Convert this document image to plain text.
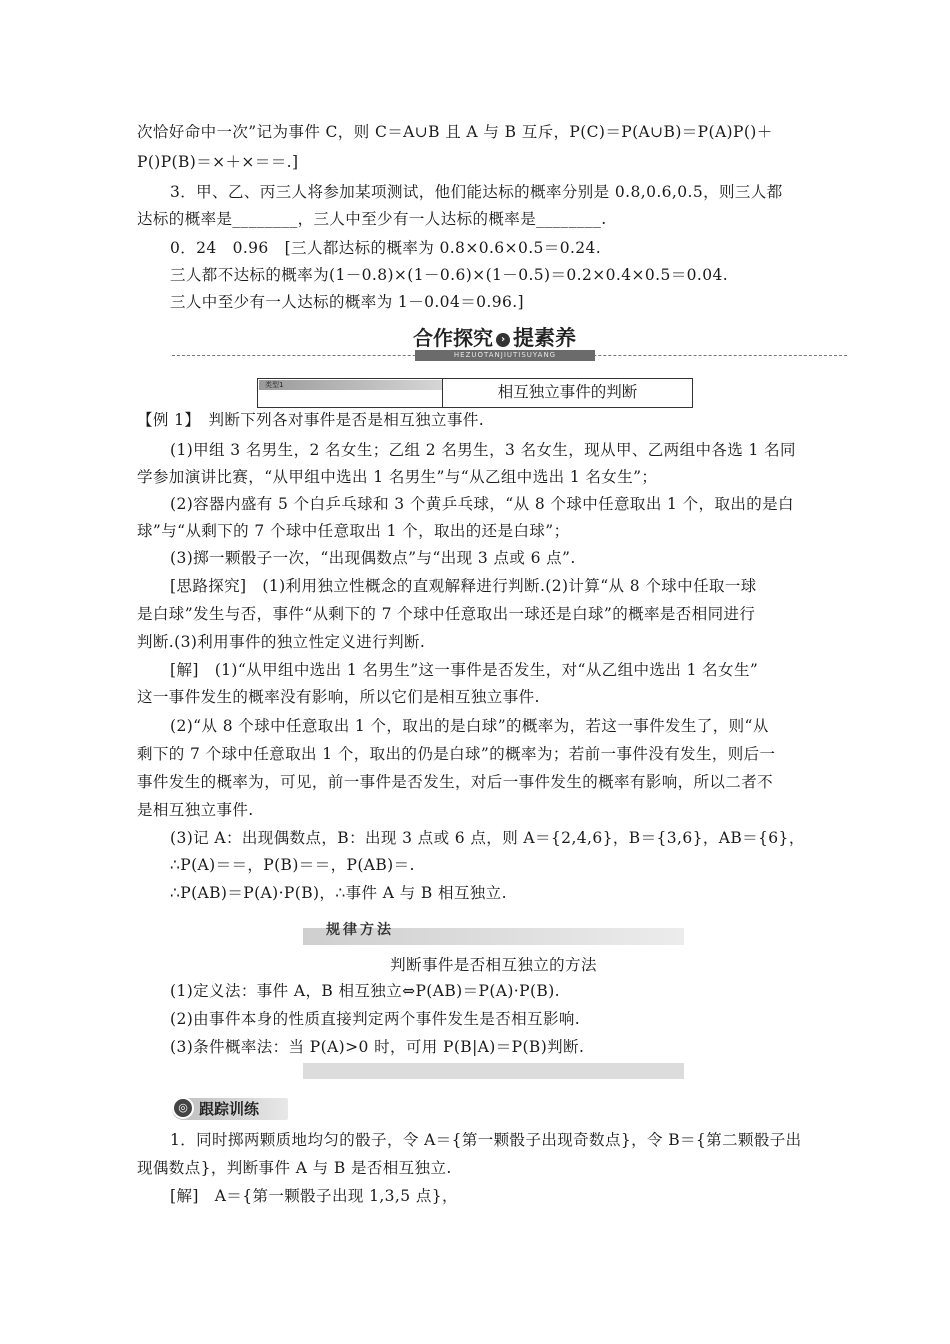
次恰好命中一次”记为事件 C，则 C＝A∪B 且 A 与 B 互斥，P(C)＝P(A∪B)＝P(A)P()＋
P()P(B)＝×＋×＝＝.]
3．甲、乙、丙三人将参加某项测试，他们能达标的概率分别是 0.8,0.6,0.5，则三人都
达标的概率是________，三人中至少有一人达标的概率是________.
0．24　0.96　[三人都达标的概率为 0.8×0.6×0.5＝0.24.
三人都不达标的概率为(1－0.8)×(1－0.6)×(1－0.5)＝0.2×0.4×0.5＝0.04.
三人中至少有一人达标的概率为 1－0.04＝0.96.]
合作探究 › 提素养
HEZUOTANJIUTISUYANG
类型1	相互独立事件的判断
【例 1】　判断下列各对事件是否是相互独立事件.
(1)甲组 3 名男生，2 名女生；乙组 2 名男生，3 名女生，现从甲、乙两组中各选 1 名同
学参加演讲比赛，“从甲组中选出 1 名男生”与“从乙组中选出 1 名女生”；
(2)容器内盛有 5 个白乒乓球和 3 个黄乒乓球，“从 8 个球中任意取出 1 个，取出的是白
球”与“从剩下的 7 个球中任意取出 1 个，取出的还是白球”；
(3)掷一颗骰子一次，“出现偶数点”与“出现 3 点或 6 点”.
[思路探究]　(1)利用独立性概念的直观解释进行判断.(2)计算“从 8 个球中任取一球
是白球”发生与否，事件“从剩下的 7 个球中任意取出一球还是白球”的概率是否相同进行
判断.(3)利用事件的独立性定义进行判断.
[解]　(1)“从甲组中选出 1 名男生”这一事件是否发生，对“从乙组中选出 1 名女生”
这一事件发生的概率没有影响，所以它们是相互独立事件.
(2)“从 8 个球中任意取出 1 个，取出的是白球”的概率为，若这一事件发生了，则“从
剩下的 7 个球中任意取出 1 个，取出的仍是白球”的概率为；若前一事件没有发生，则后一
事件发生的概率为，可见，前一事件是否发生，对后一事件发生的概率有影响，所以二者不
是相互独立事件.
(3)记 A：出现偶数点，B：出现 3 点或 6 点，则 A＝{2,4,6}，B＝{3,6}，AB＝{6}，
∴P(A)＝＝，P(B)＝＝，P(AB)＝.
∴P(AB)＝P(A)·P(B)，∴事件 A 与 B 相互独立.
规律方法
判断事件是否相互独立的方法
(1)定义法：事件 A，B 相互独立⇔P(AB)＝P(A)·P(B).
(2)由事件本身的性质直接判定两个事件发生是否相互影响.
(3)条件概率法：当 P(A)>0 时，可用 P(B|A)＝P(B)判断.
◎ 跟踪训练
1．同时掷两颗质地均匀的骰子，令 A＝{第一颗骰子出现奇数点}，令 B＝{第二颗骰子出
现偶数点}，判断事件 A 与 B 是否相互独立.
[解]　A＝{第一颗骰子出现 1,3,5 点}，
